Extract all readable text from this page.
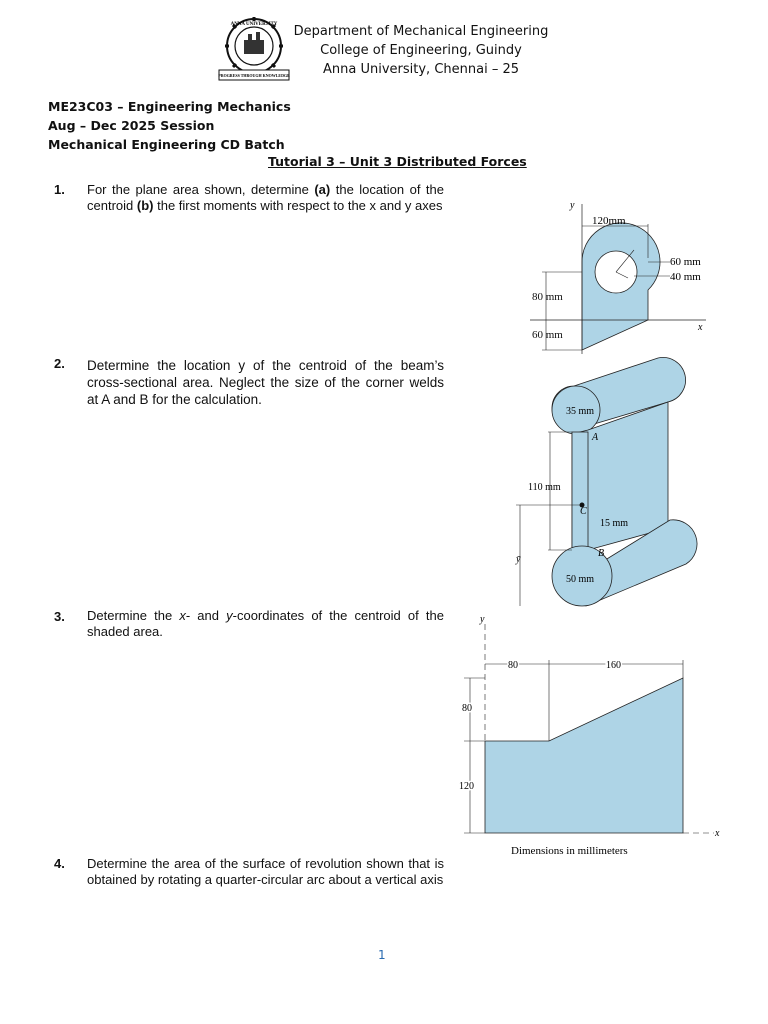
ANNA UNIVERSITY
PROGRESS THROUGH KNOWLEDGE
Department of Mechanical Engineering
College of Engineering, Guindy
Anna University, Chennai – 25
ME23C03 – Engineering Mechanics
Aug – Dec 2025 Session
Mechanical Engineering CD Batch
Tutorial 3 – Unit 3 Distributed Forces
1. For the plane area shown, determine (a) the location of the centroid (b) the first moments with respect to the x and y axes
2. Determine the location y of the centroid of the beam’s cross-sectional area. Neglect the size of the corner welds at A and B for the calculation.
3. Determine the x- and y-coordinates of the centroid of the shaded area.
4. Determine the area of the surface of revolution shown that is obtained by rotating a quarter-circular arc about a vertical axis
y
x
120mm
60 mm
40 mm
80 mm
60 mm
35 mm
A
110 mm
C
15 mm
B
50 mm
ȳ
y
x
80	160
80
120
Dimensions in millimeters
1
